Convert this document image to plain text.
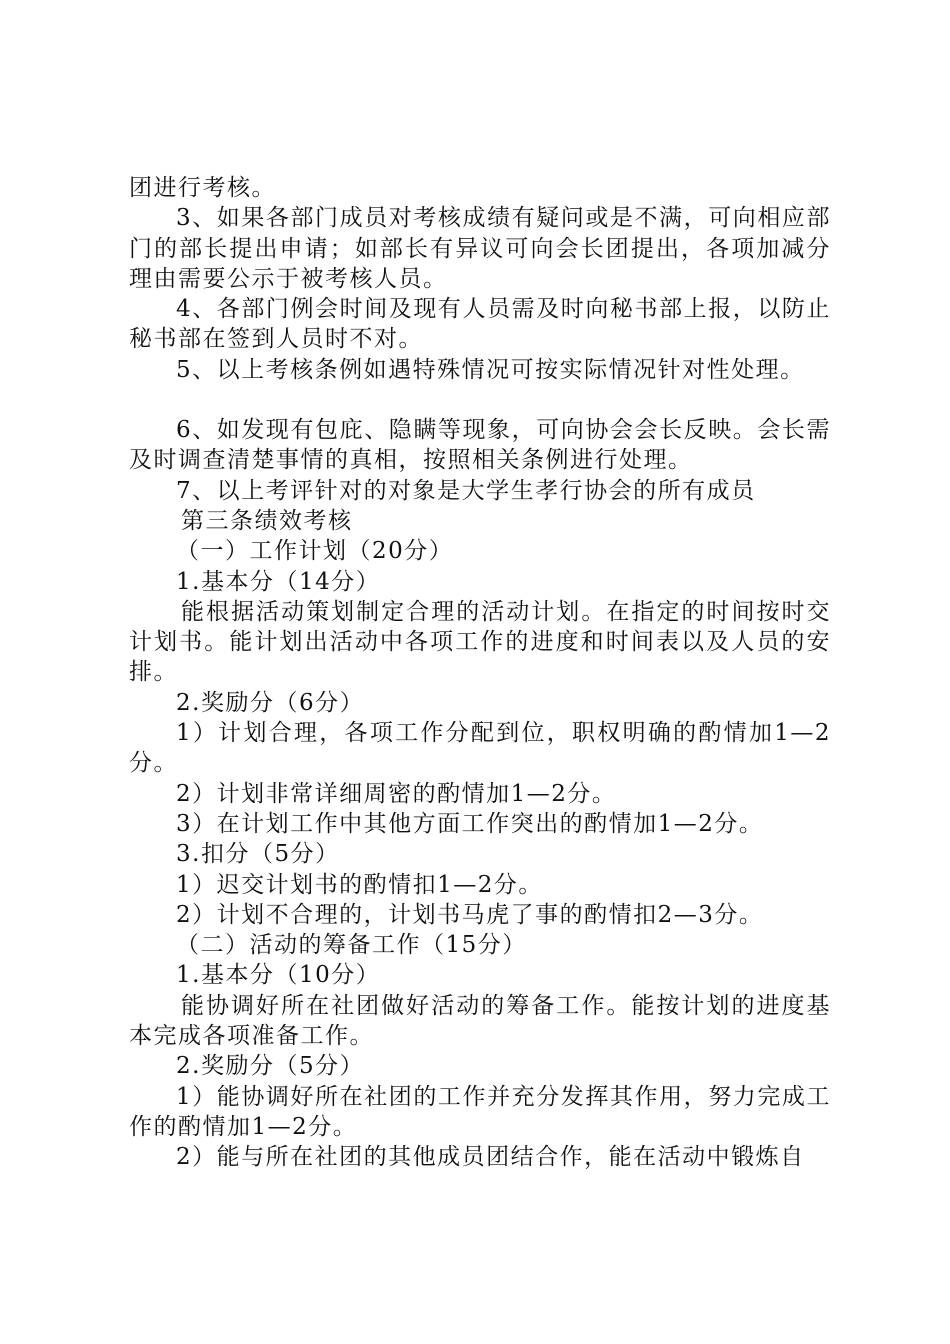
团进行考核。

3、如果各部门成员对考核成绩有疑问或是不满，可向相应部门的部长提出申请；如部长有异议可向会长团提出，各项加减分理由需要公示于被考核人员。

4、各部门例会时间及现有人员需及时向秘书部上报，以防止秘书部在签到人员时不对。

5、以上考核条例如遇特殊情况可按实际情况针对性处理。

6、如发现有包庇、隐瞒等现象，可向协会会长反映。会长需及时调查清楚事情的真相，按照相关条例进行处理。

7、以上考评针对的对象是大学生孝行协会的所有成员

第三条绩效考核

（一）工作计划（20分）

1.基本分（14分）

能根据活动策划制定合理的活动计划。在指定的时间按时交计划书。能计划出活动中各项工作的进度和时间表以及人员的安排。

2.奖励分（6分）

1）计划合理，各项工作分配到位，职权明确的酌情加1—2分。

2）计划非常详细周密的酌情加1—2分。

3）在计划工作中其他方面工作突出的酌情加1—2分。

3.扣分（5分）

1）迟交计划书的酌情扣1—2分。

2）计划不合理的，计划书马虎了事的酌情扣2—3分。

（二）活动的筹备工作（15分）

1.基本分（10分）

能协调好所在社团做好活动的筹备工作。能按计划的进度基本完成各项准备工作。

2.奖励分（5分）

1）能协调好所在社团的工作并充分发挥其作用，努力完成工作的酌情加1—2分。

2）能与所在社团的其他成员团结合作，能在活动中锻炼自
